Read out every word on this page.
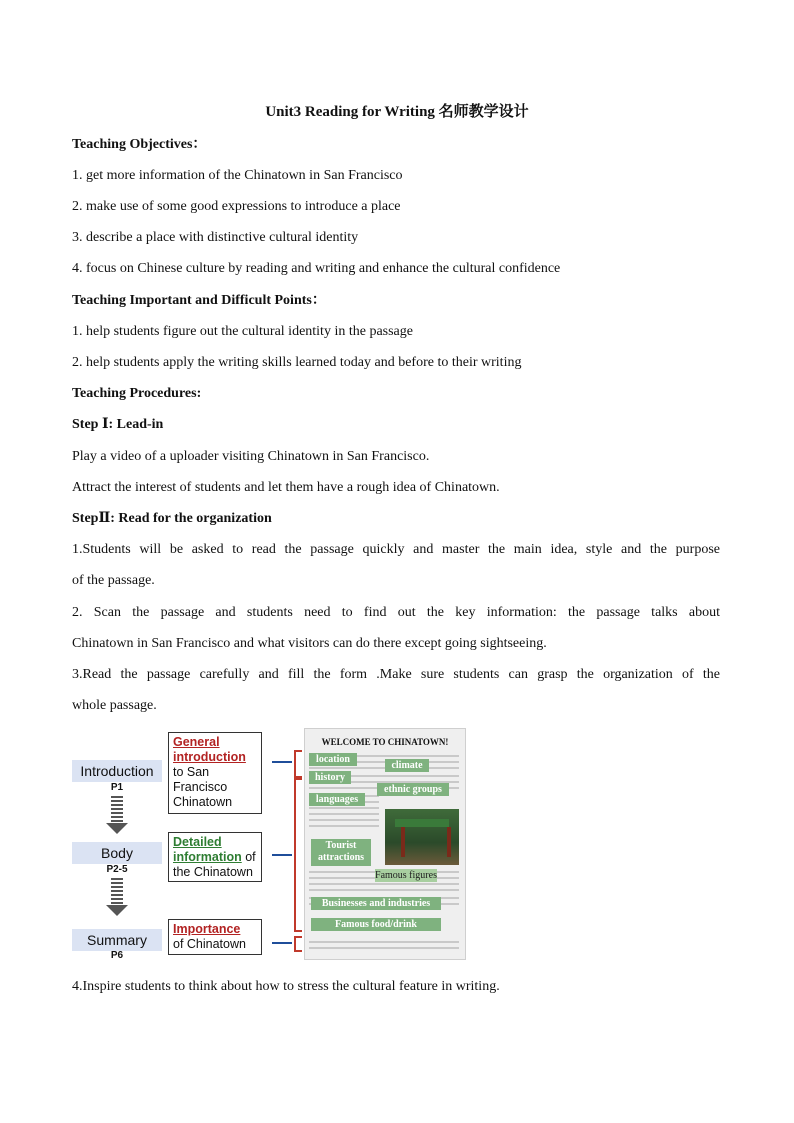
Unit3 Reading for Writing 名师教学设计
Teaching Objectives：
1. get more information of the Chinatown in San Francisco
2. make use of some good expressions to introduce a place
3. describe a place with distinctive cultural identity
4. focus on Chinese culture by reading and writing and enhance the cultural confidence
Teaching Important and Difficult Points：
1. help students figure out the cultural identity in the passage
2. help students apply the writing skills learned today and before to their writing
Teaching Procedures:
Step Ⅰ: Lead-in
Play a video of a uploader visiting Chinatown in San Francisco.
Attract the interest of students and let them have a rough idea of Chinatown.
StepⅡ: Read for the organization
1.Students will be asked to read the passage quickly and master the main idea, style and the purpose
of the passage.
2. Scan the passage and students need to find out the key information: the passage talks about
Chinatown in San Francisco and what visitors can do there except going sightseeing.
3.Read the passage carefully and fill the form .Make sure students can grasp the organization of the
whole passage.
Introduction
P1
Body
P2-5
Summary
P6
General introduction
to San Francisco Chinatown
Detailed information of
the Chinatown
Importance
of Chinatown
WELCOME TO CHINATOWN!
location
climate
history
ethnic groups
languages
Tourist attractions
Famous figures
Businesses and industries
Famous food/drink
4.Inspire students to think about how to stress the cultural feature in writing.
